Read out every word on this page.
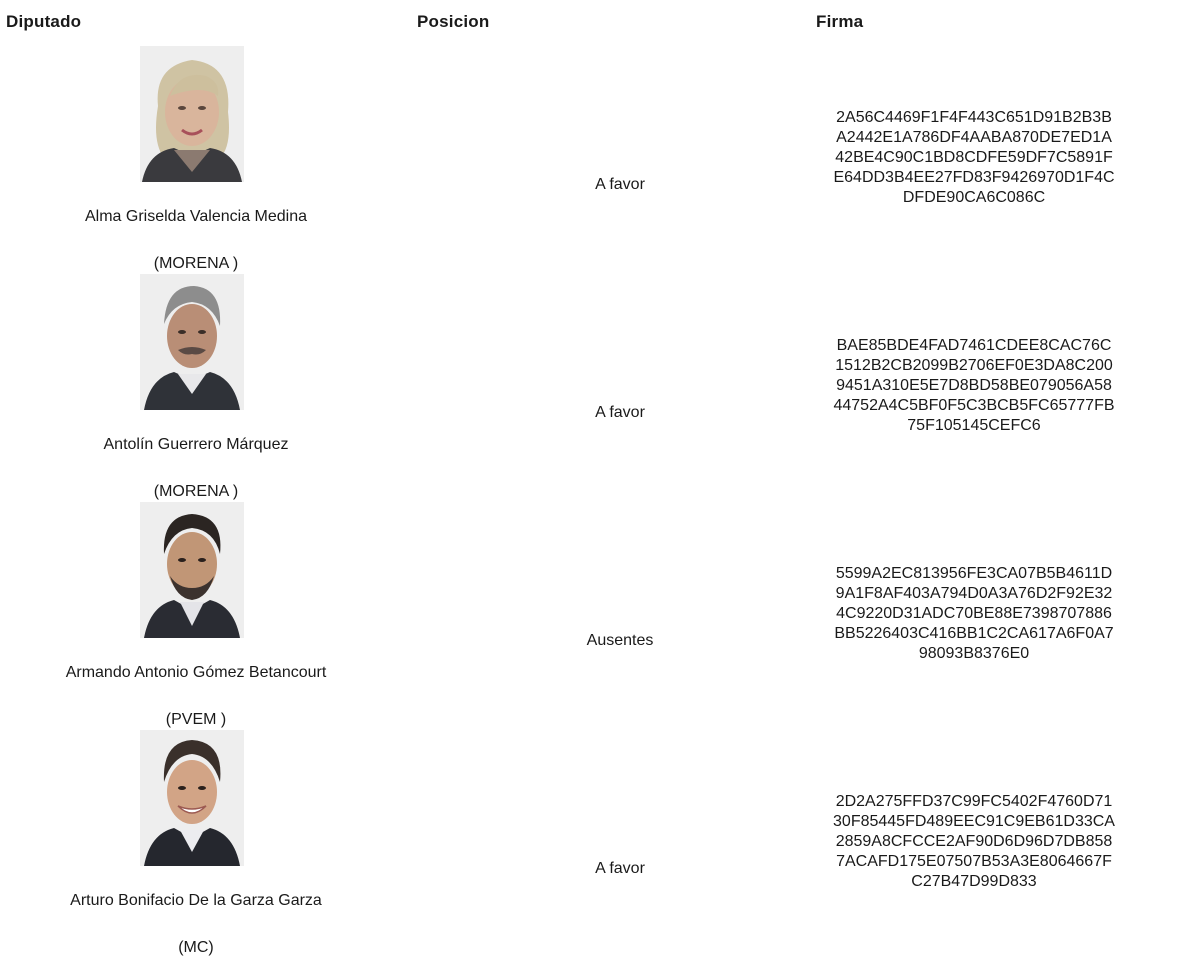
Diputado	Posicion	Firma
Alma Griselda Valencia Medina
(MORENA )
A favor
2A56C4469F1F4F443C651D91B2B3B
A2442E1A786DF4AABA870DE7ED1A
42BE4C90C1BD8CDFE59DF7C5891F
E64DD3B4EE27FD83F9426970D1F4C
DFDE90CA6C086C
Antolín Guerrero Márquez
(MORENA )
A favor
BAE85BDE4FAD7461CDEE8CAC76C
1512B2CB2099B2706EF0E3DA8C200
9451A310E5E7D8BD58BE079056A58
44752A4C5BF0F5C3BCB5FC65777FB
75F105145CEFC6
Armando Antonio Gómez Betancourt
(PVEM )
Ausentes
5599A2EC813956FE3CA07B5B4611D
9A1F8AF403A794D0A3A76D2F92E32
4C9220D31ADC70BE88E7398707886
BB5226403C416BB1C2CA617A6F0A7
98093B8376E0
Arturo Bonifacio De la Garza Garza
(MC)
A favor
2D2A275FFD37C99FC5402F4760D71
30F85445FD489EEC91C9EB61D33CA
2859A8CFCCE2AF90D6D96D7DB858
7ACAFD175E07507B53A3E8064667F
C27B47D99D833
